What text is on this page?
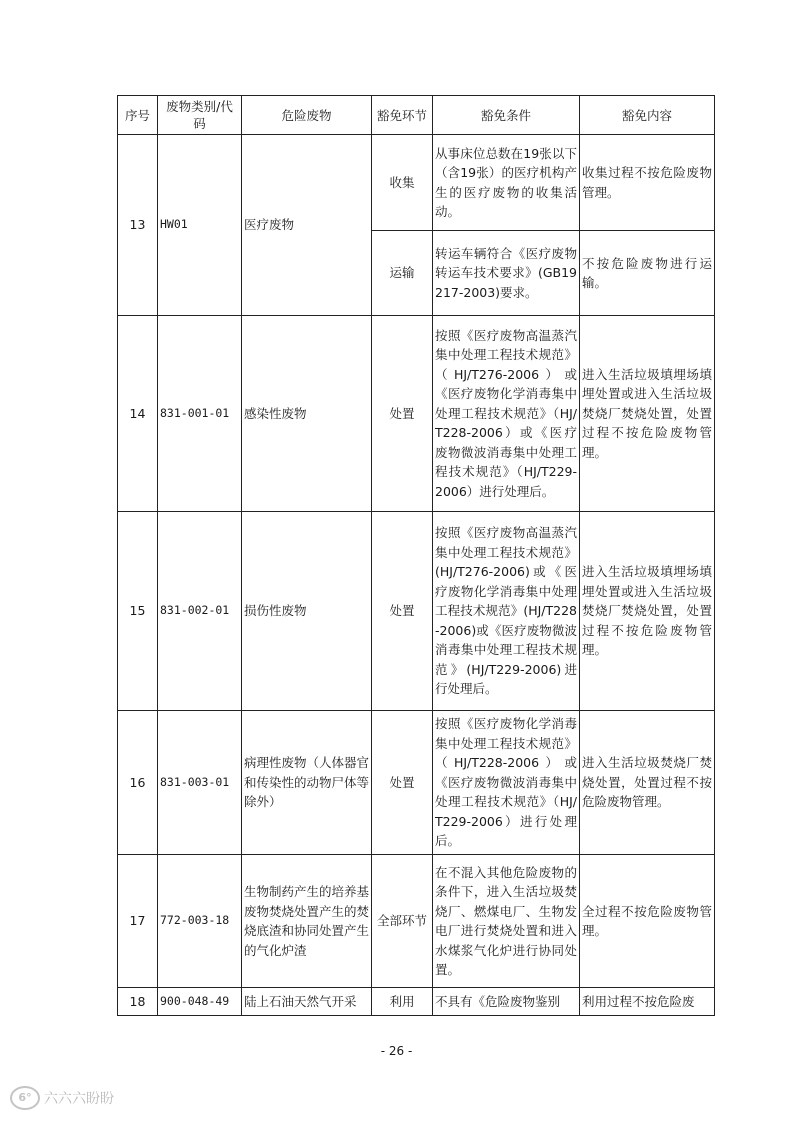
序号	废物类别/代码	危险废物	豁免环节	豁免条件	豁免内容
13	HW01	医疗废物	收集	从事床位总数在19张以下（含19张）的医疗机构产生的医疗废物的收集活动。	收集过程不按危险废物管理。
			运输	转运车辆符合《医疗废物转运车技术要求》(GB19217-2003)要求。	不按危险废物进行运输。
14	831-001-01	感染性废物	处置	按照《医疗废物高温蒸汽集中处理工程技术规范》（HJ/T276-2006）或《医疗废物化学消毒集中处理工程技术规范》（HJ/T228-2006）或《医疗废物微波消毒集中处理工程技术规范》（HJ/T229-2006）进行处理后。	进入生活垃圾填埋场填埋处置或进入生活垃圾焚烧厂焚烧处置，处置过程不按危险废物管理。
15	831-002-01	损伤性废物	处置	按照《医疗废物高温蒸汽集中处理工程技术规范》(HJ/T276-2006)或《医疗废物化学消毒集中处理工程技术规范》(HJ/T228-2006)或《医疗废物微波消毒集中处理工程技术规范》(HJ/T229-2006)进行处理后。	进入生活垃圾填埋场填埋处置或进入生活垃圾焚烧厂焚烧处置，处置过程不按危险废物管理。
16	831-003-01	病理性废物（人体器官和传染性的动物尸体等除外）	处置	按照《医疗废物化学消毒集中处理工程技术规范》（HJ/T228-2006）或《医疗废物微波消毒集中处理工程技术规范》（HJ/T229-2006）进行处理后。	进入生活垃圾焚烧厂焚烧处置，处置过程不按危险废物管理。
17	772-003-18	生物制药产生的培养基废物焚烧处置产生的焚烧底渣和协同处置产生的气化炉渣	全部环节	在不混入其他危险废物的条件下，进入生活垃圾焚烧厂、燃煤电厂、生物发电厂进行焚烧处置和进入水煤浆气化炉进行协同处置。	全过程不按危险废物管理。
18	900-048-49	陆上石油天然气开采	利用	不具有《危险废物鉴别	利用过程不按危险废
- 26 -
6° 六六六盼盼
